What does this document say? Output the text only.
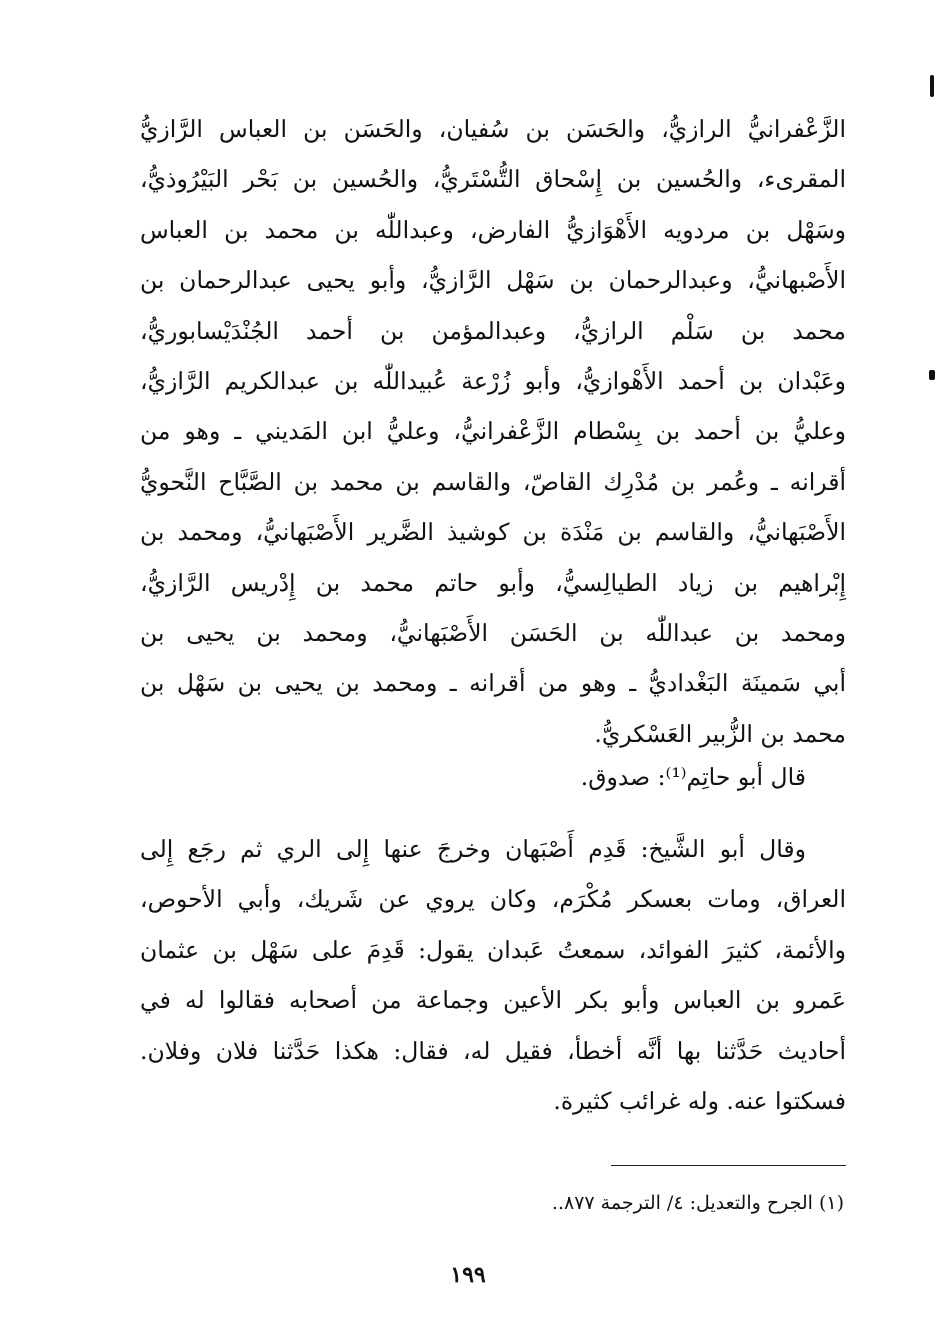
الزَّعْفرانيُّ الرازيُّ، والحَسَن بن سُفيان، والحَسَن بن العباس الرَّازيُّ
المقرىء، والحُسين بن إِسْحاق التُّسْتَريُّ، والحُسين بن بَحْر البَيْرُوذيُّ،
وسَهْل بن مردويه الأَهْوَازيُّ الفارض، وعبداللّٰه بن محمد بن العباس
الأَصْبهانيُّ، وعبدالرحمان بن سَهْل الرَّازيُّ، وأبو يحيى عبدالرحمان بن
محمد بن سَلْم الرازيُّ، وعبدالمؤمن بن أحمد الجُنْدَيْسابوريُّ،
وعَبْدان بن أحمد الأَهْوازيُّ، وأبو زُرْعة عُبيداللّٰه بن عبدالكريم الرَّازيُّ،
وعليُّ بن أحمد بن بِسْطام الزَّعْفرانيُّ، وعليُّ ابن المَديني ـ وهو من
أقرانه ـ وعُمر بن مُدْرِك القاصّ، والقاسم بن محمد بن الصَّبَّاح النَّحويُّ
الأَصْبَهانيُّ، والقاسم بن مَنْدَة بن كوشيذ الضَّرير الأَصْبَهانيُّ، ومحمد بن
إِبْراهيم بن زياد الطيالِسيُّ، وأبو حاتم محمد بن إِدْريس الرَّازيُّ،
ومحمد بن عبداللّٰه بن الحَسَن الأَصْبَهانيُّ، ومحمد بن يحيى بن
أبي سَمينَة البَغْداديُّ ـ وهو من أقرانه ـ ومحمد بن يحيى بن سَهْل بن
محمد بن الزُّبير العَسْكريُّ.
قال أبو حاتِم⁽¹⁾: صدوق.
وقال أبو الشَّيخ: قَدِم أَصْبَهان وخرجَ عنها إِلى الري ثم رجَع إِلى
العراق، ومات بعسكر مُكْرَم، وكان يروي عن شَريك، وأبي الأحوص،
والأئمة، كثيرَ الفوائد، سمعتُ عَبدان يقول: قَدِمَ على سَهْل بن عثمان
عَمرو بن العباس وأبو بكر الأعين وجماعة من أصحابه فقالوا له في
أحاديث حَدَّثنا بها أنَّه أخطأ، فقيل له، فقال: هكذا حَدَّثنا فلان وفلان.
فسكتوا عنه. وله غرائب كثيرة.
(١) الجرح والتعديل: ٤/ الترجمة ٨٧٧..
١٩٩
